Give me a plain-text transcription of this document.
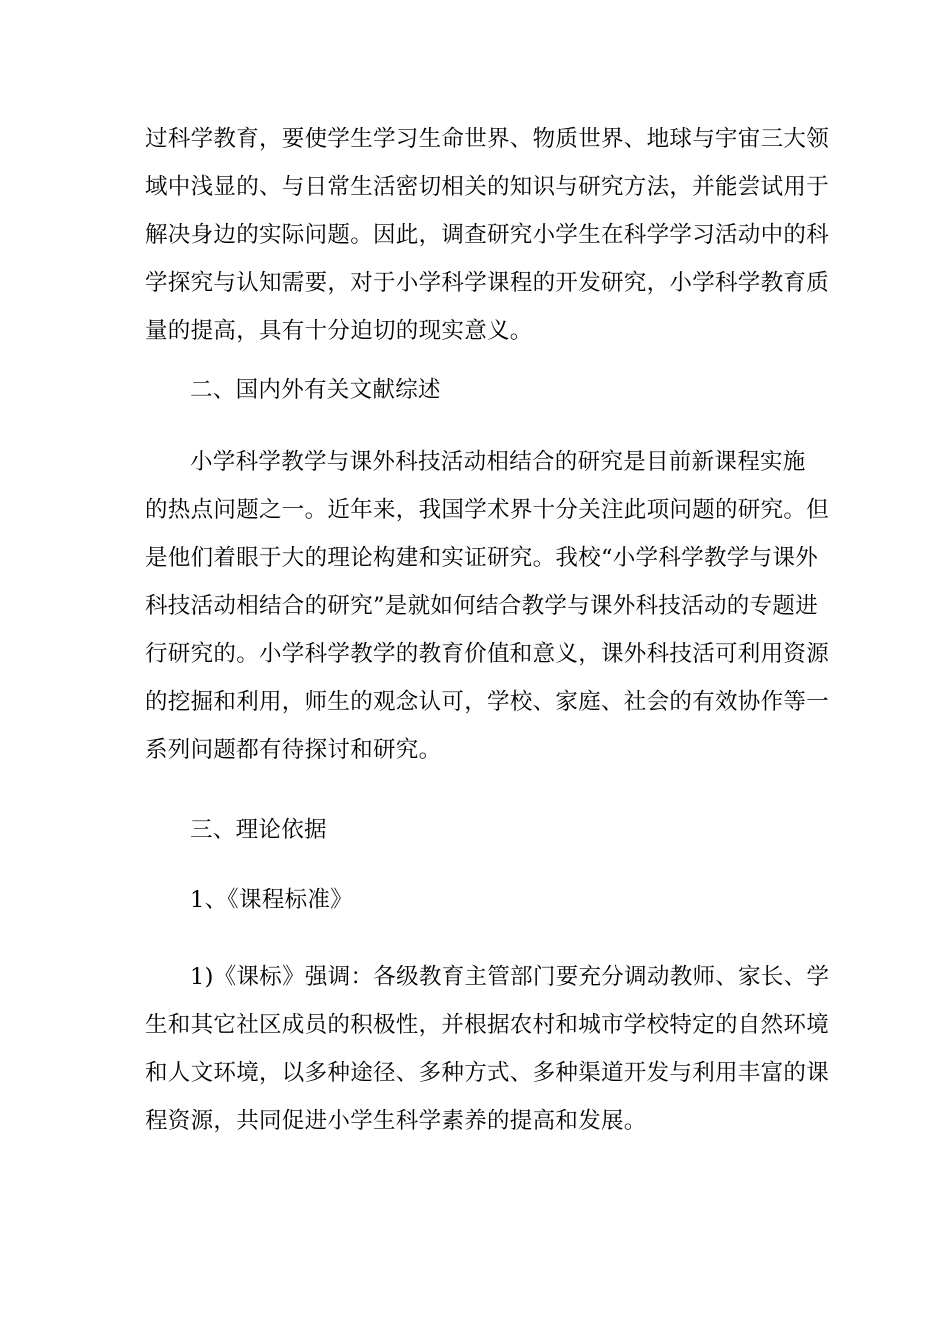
过科学教育，要使学生学习生命世界、物质世界、地球与宇宙三大领
域中浅显的、与日常生活密切相关的知识与研究方法，并能尝试用于
解决身边的实际问题。因此，调查研究小学生在科学学习活动中的科
学探究与认知需要，对于小学科学课程的开发研究，小学科学教育质
量的提高，具有十分迫切的现实意义。
二、国内外有关文献综述
小学科学教学与课外科技活动相结合的研究是目前新课程实施
的热点问题之一。近年来，我国学术界十分关注此项问题的研究。但
是他们着眼于大的理论构建和实证研究。我校“小学科学教学与课外
科技活动相结合的研究”是就如何结合教学与课外科技活动的专题进
行研究的。小学科学教学的教育价值和意义，课外科技活可利用资源
的挖掘和利用，师生的观念认可，学校、家庭、社会的有效协作等一
系列问题都有待探讨和研究。
三、理论依据
1、《课程标准》
1)《课标》强调：各级教育主管部门要充分调动教师、家长、学
生和其它社区成员的积极性，并根据农村和城市学校特定的自然环境
和人文环境，以多种途径、多种方式、多种渠道开发与利用丰富的课
程资源，共同促进小学生科学素养的提高和发展。
